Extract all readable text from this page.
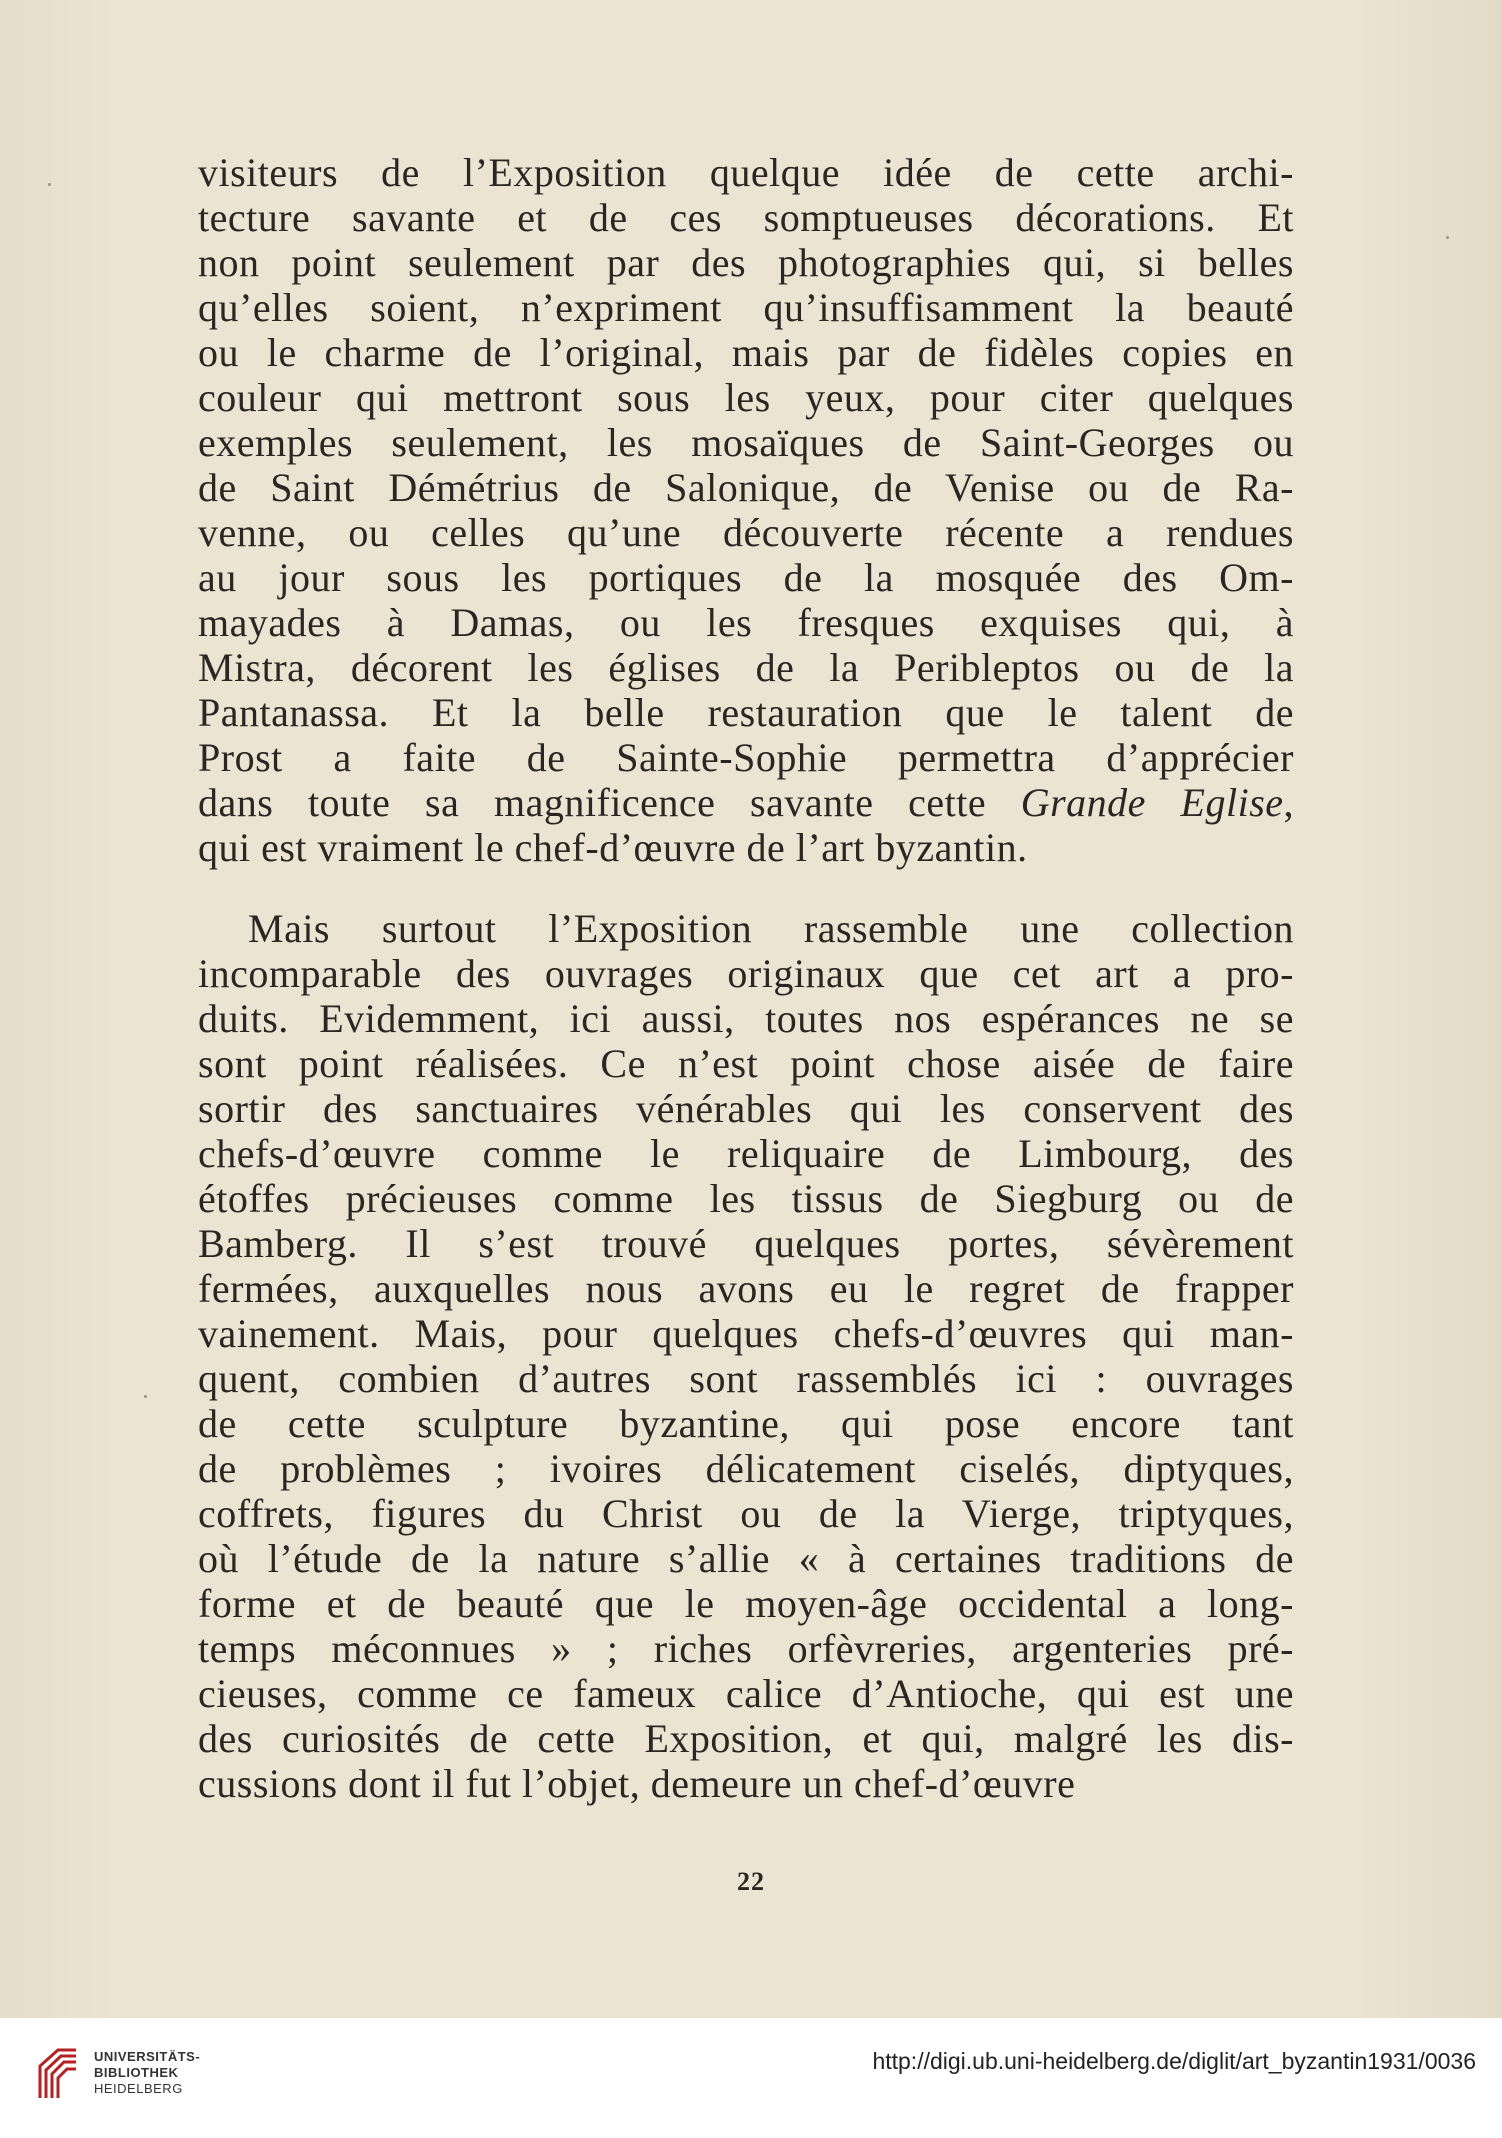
visiteurs de l’Exposition quelque idée de cette archi-
tecture savante et de ces somptueuses décorations. Et
non point seulement par des photographies qui, si belles
qu’elles soient, n’expriment qu’insuffisamment la beauté
ou le charme de l’original, mais par de fidèles copies en
couleur qui mettront sous les yeux, pour citer quelques
exemples seulement, les mosaïques de Saint-Georges ou
de Saint Démétrius de Salonique, de Venise ou de Ra-
venne, ou celles qu’une découverte récente a rendues
au jour sous les portiques de la mosquée des Om-
mayades à Damas, ou les fresques exquises qui, à
Mistra, décorent les églises de la Peribleptos ou de la
Pantanassa. Et la belle restauration que le talent de
Prost a faite de Sainte-Sophie permettra d’apprécier
dans toute sa magnificence savante cette Grande Eglise,
qui est vraiment le chef-d’œuvre de l’art byzantin.
Mais surtout l’Exposition rassemble une collection
incomparable des ouvrages originaux que cet art a pro-
duits. Evidemment, ici aussi, toutes nos espérances ne se
sont point réalisées. Ce n’est point chose aisée de faire
sortir des sanctuaires vénérables qui les conservent des
chefs-d’œuvre comme le reliquaire de Limbourg, des
étoffes précieuses comme les tissus de Siegburg ou de
Bamberg. Il s’est trouvé quelques portes, sévèrement
fermées, auxquelles nous avons eu le regret de frapper
vainement. Mais, pour quelques chefs-d’œuvres qui man-
quent, combien d’autres sont rassemblés ici : ouvrages
de cette sculpture byzantine, qui pose encore tant
de problèmes ; ivoires délicatement ciselés, diptyques,
coffrets, figures du Christ ou de la Vierge, triptyques,
où l’étude de la nature s’allie « à certaines traditions de
forme et de beauté que le moyen-âge occidental a long-
temps méconnues » ; riches orfèvreries, argenteries pré-
cieuses, comme ce fameux calice d’Antioche, qui est une
des curiosités de cette Exposition, et qui, malgré les dis-
cussions dont il fut l’objet, demeure un chef-d’œuvre
22
UNIVERSITÄTS-
BIBLIOTHEK
HEIDELBERG
http://digi.ub.uni-heidelberg.de/diglit/art_byzantin1931/0036
